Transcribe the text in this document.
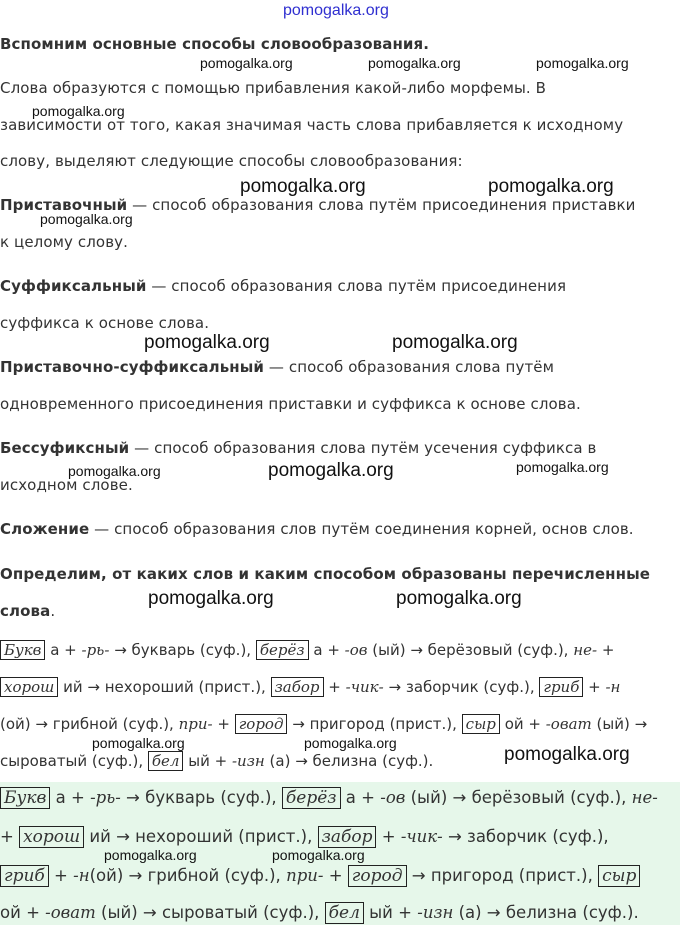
pomogalka.org
Вспомним основные способы словообразования.
Слова образуются с помощью прибавления какой-либо морфемы. В
зависимости от того, какая значимая часть слова прибавляется к исходному
слову, выделяют следующие способы словообразования:
Приставочный — способ образования слова путём присоединения приставки
к целому слову.
Суффиксальный — способ образования слова путём присоединения
суффикса к основе слова.
Приставочно-суффиксальный — способ образования слова путём
одновременного присоединения приставки и суффикса к основе слова.
Бессуфиксный — способ образования слова путём усечения суффикса в
исходном слове.
Сложение — способ образования слов путём соединения корней, основ слов.
Определим, от каких слов и каким способом образованы перечисленные
слова.
Букв а + -рь- → букварь (суф.), берёз а + -ов (ый) → берёзовый (суф.), не- +
хорош ий → нехороший (прист.), забор + -чик- → заборчик (суф.), гриб + -н
(ой) → грибной (суф.), при- + город → пригород (прист.), сыр ой + -оват (ый) →
сыроватый (суф.), бел ый + -изн (а) → белизна (суф.).
Букв а + -рь- → букварь (суф.), берёз а + -ов (ый) → берёзовый (суф.), не-
+ хорош ий → нехороший (прист.), забор + -чик- → заборчик (суф.),
гриб + -н(ой) → грибной (суф.), при- + город → пригород (прист.), сыр
ой + -оват (ый) → сыроватый (суф.), бел ый + -изн (а) → белизна (суф.).
pomogalka.org	pomogalka.org	pomogalka.org
pomogalka.org
pomogalka.org	pomogalka.org
pomogalka.org
pomogalka.org	pomogalka.org
pomogalka.org	pomogalka.org	pomogalka.org
pomogalka.org	pomogalka.org
pomogalka.org	pomogalka.org
pomogalka.org
pomogalka.org	pomogalka.org
